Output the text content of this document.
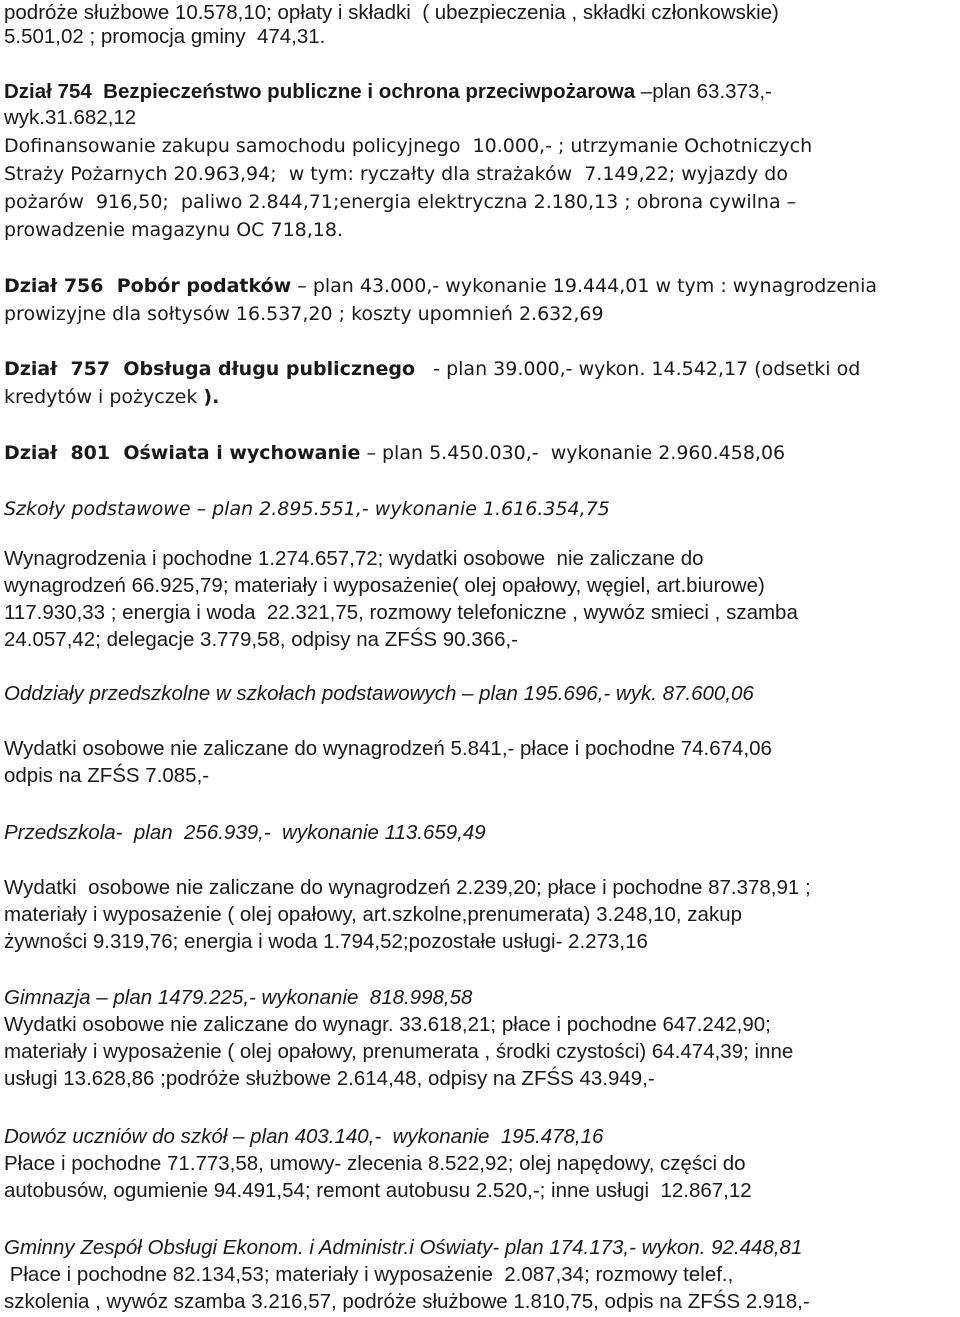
podróże służbowe 10.578,10; opłaty i składki  ( ubezpieczenia , składki członkowskie)
5.501,02 ; promocja gminy  474,31.
Dział 754  Bezpieczeństwo publiczne i ochrona przeciwpożarowa –plan 63.373,-
wyk.31.682,12
Dofinansowanie zakupu samochodu policyjnego  10.000,- ; utrzymanie Ochotniczych
Straży Pożarnych 20.963,94;  w tym: ryczałty dla strażaków  7.149,22; wyjazdy do
pożarów  916,50;  paliwo 2.844,71;energia elektryczna 2.180,13 ; obrona cywilna –
prowadzenie magazynu OC 718,18.
Dział 756  Pobór podatków – plan 43.000,- wykonanie 19.444,01 w tym : wynagrodzenia
prowizyjne dla sołtysów 16.537,20 ; koszty upomnień 2.632,69
Dział  757  Obsługa długu publicznego   - plan 39.000,- wykon. 14.542,17 (odsetki od
kredytów i pożyczek ).
Dział  801  Oświata i wychowanie – plan 5.450.030,-  wykonanie 2.960.458,06
Szkoły podstawowe – plan 2.895.551,- wykonanie 1.616.354,75
Wynagrodzenia i pochodne 1.274.657,72; wydatki osobowe  nie zaliczane do
wynagrodzeń 66.925,79; materiały i wyposażenie( olej opałowy, węgiel, art.biurowe)
117.930,33 ; energia i woda  22.321,75, rozmowy telefoniczne , wywóz smieci , szamba
24.057,42; delegacje 3.779,58, odpisy na ZFŚS 90.366,-
Oddziały przedszkolne w szkołach podstawowych – plan 195.696,- wyk. 87.600,06
Wydatki osobowe nie zaliczane do wynagrodzeń 5.841,- płace i pochodne 74.674,06
odpis na ZFŚS 7.085,-
Przedszkola-  plan  256.939,-  wykonanie 113.659,49
Wydatki  osobowe nie zaliczane do wynagrodzeń 2.239,20; płace i pochodne 87.378,91 ;
materiały i wyposażenie ( olej opałowy, art.szkolne,prenumerata) 3.248,10, zakup
żywności 9.319,76; energia i woda 1.794,52;pozostałe usługi- 2.273,16
Gimnazja – plan 1479.225,- wykonanie  818.998,58
Wydatki osobowe nie zaliczane do wynagr. 33.618,21; płace i pochodne 647.242,90;
materiały i wyposażenie ( olej opałowy, prenumerata , środki czystości) 64.474,39; inne
usługi 13.628,86 ;podróże służbowe 2.614,48, odpisy na ZFŚS 43.949,-
Dowóz uczniów do szkół – plan 403.140,-  wykonanie  195.478,16
Płace i pochodne 71.773,58, umowy- zlecenia 8.522,92; olej napędowy, części do
autobusów, ogumienie 94.491,54; remont autobusu 2.520,-; inne usługi  12.867,12
Gminny Zespół Obsługi Ekonom. i Administr.i Oświaty- plan 174.173,- wykon. 92.448,81
Płace i pochodne 82.134,53; materiały i wyposażenie  2.087,34; rozmowy telef.,
szkolenia , wywóz szamba 3.216,57, podróże służbowe 1.810,75, odpis na ZFŚS 2.918,-
